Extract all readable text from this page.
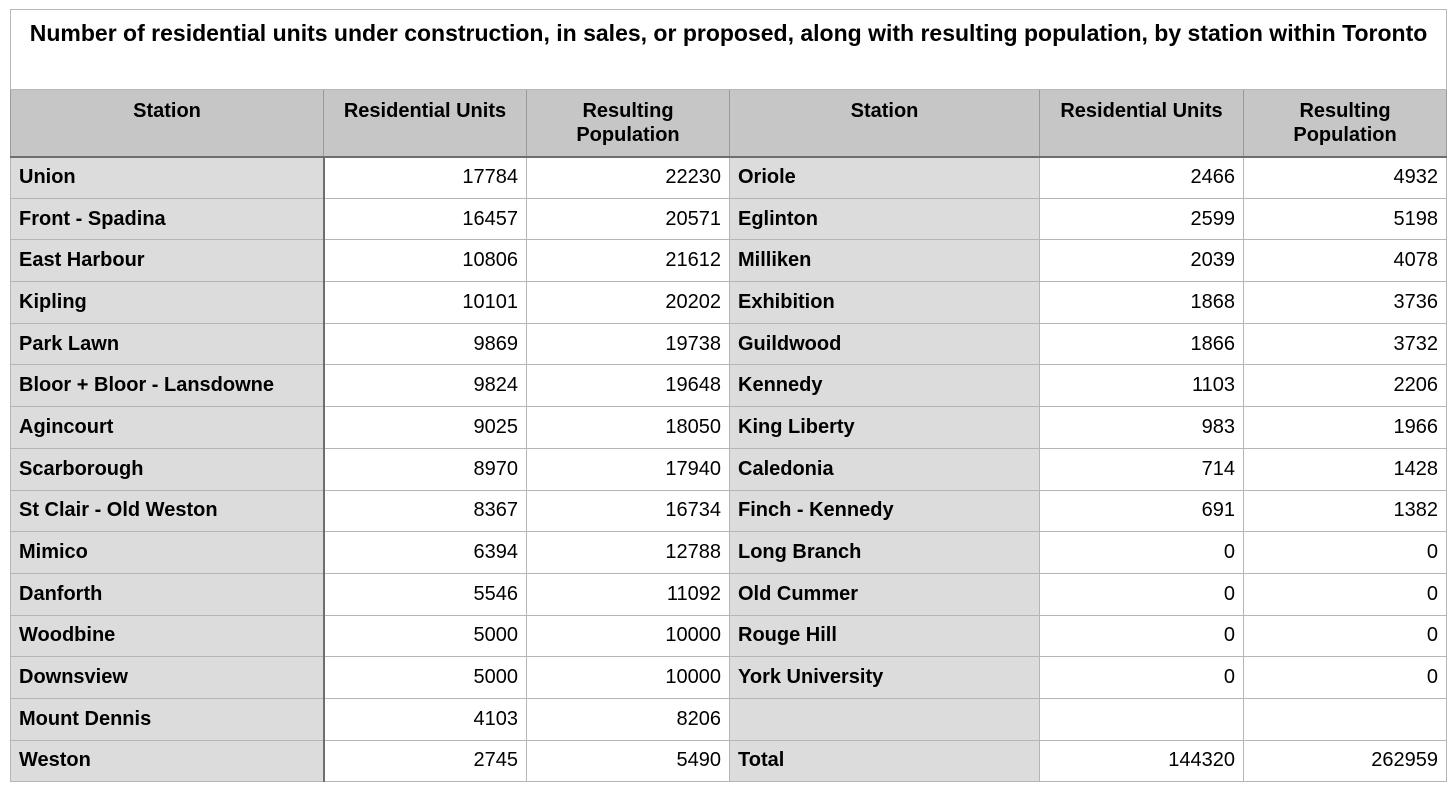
Number of residential units under construction, in sales, or proposed, along with resulting population, by station within Toronto					
Station	Residential Units	Resulting Population	Station	Residential Units	Resulting Population
Union	17784	22230	Oriole	2466	4932
Front - Spadina	16457	20571	Eglinton	2599	5198
East Harbour	10806	21612	Milliken	2039	4078
Kipling	10101	20202	Exhibition	1868	3736
Park Lawn	9869	19738	Guildwood	1866	3732
Bloor + Bloor - Lansdowne	9824	19648	Kennedy	1103	2206
Agincourt	9025	18050	King Liberty	983	1966
Scarborough	8970	17940	Caledonia	714	1428
St Clair - Old Weston	8367	16734	Finch - Kennedy	691	1382
Mimico	6394	12788	Long Branch	0	0
Danforth	5546	11092	Old Cummer	0	0
Woodbine	5000	10000	Rouge Hill	0	0
Downsview	5000	10000	York University	0	0
Mount Dennis	4103	8206			
Weston	2745	5490	Total	144320	262959
